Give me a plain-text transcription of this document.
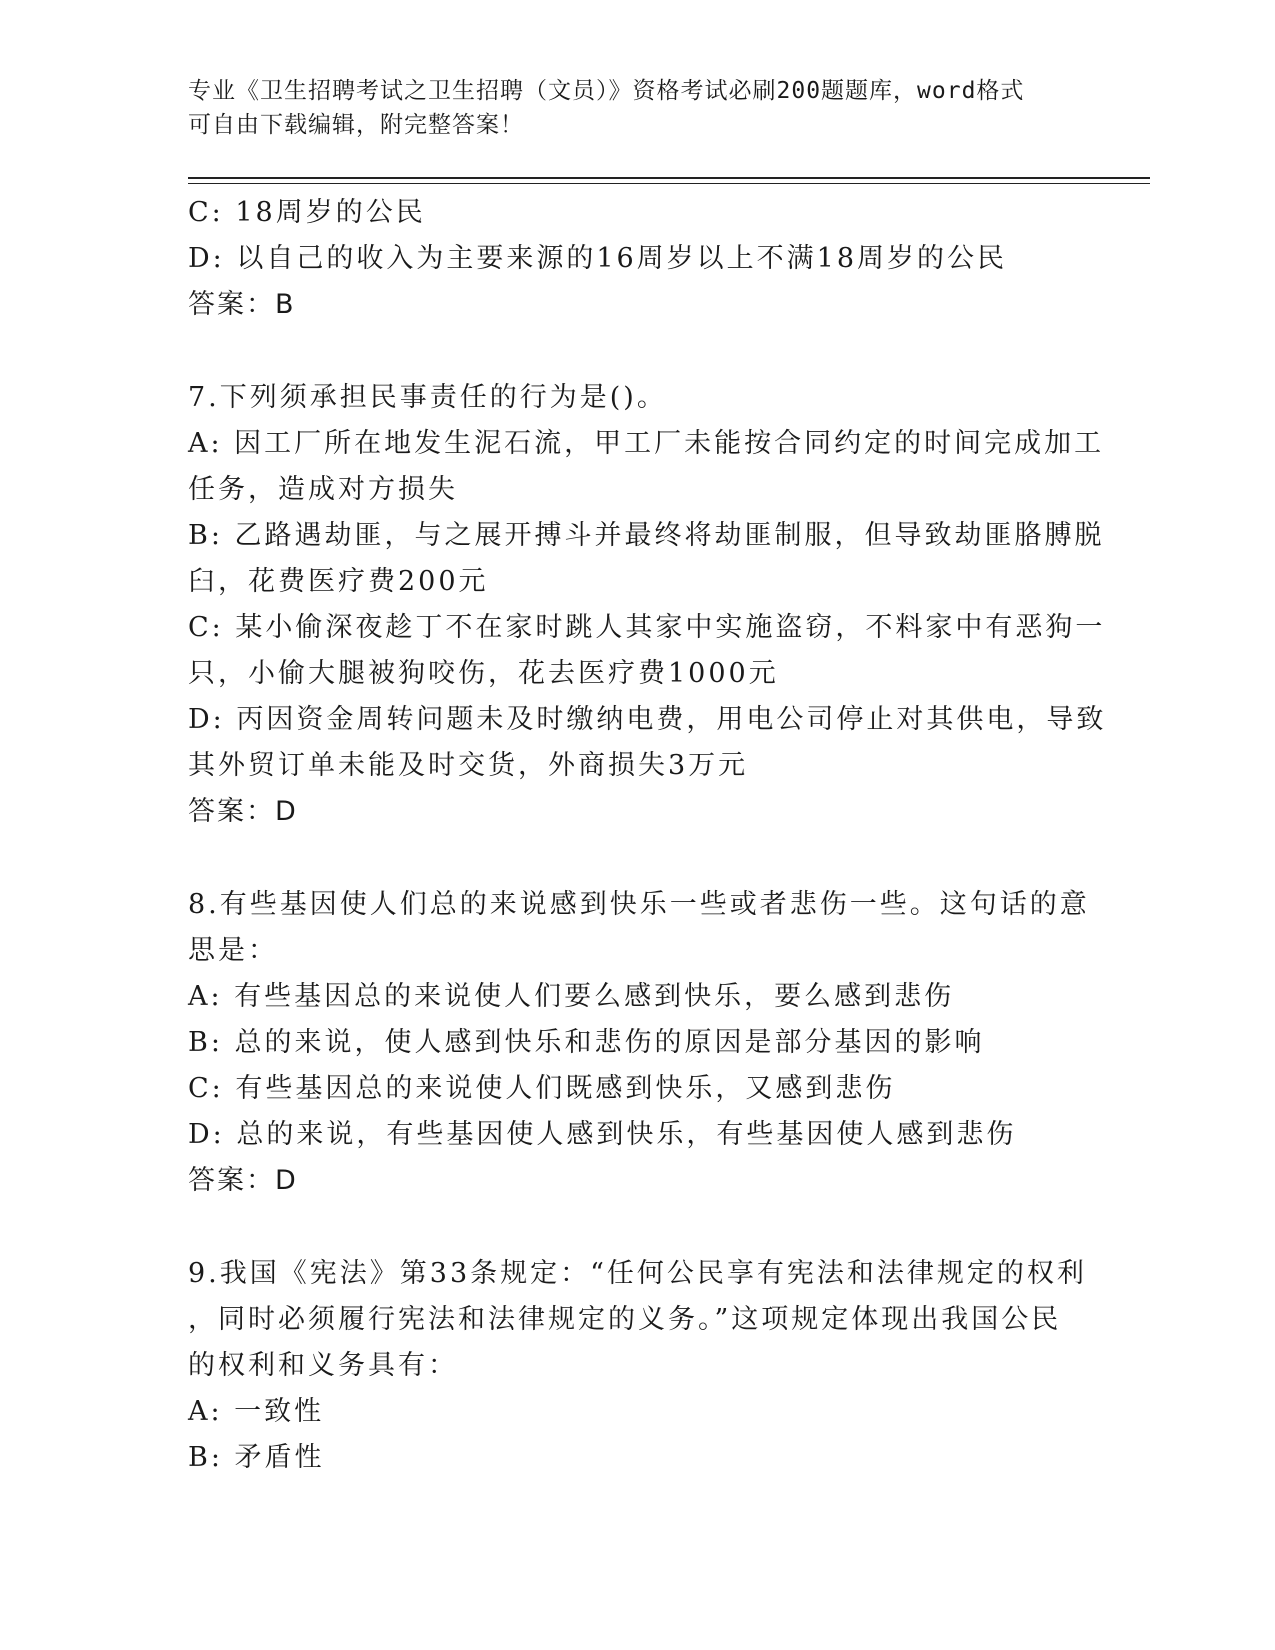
专业《卫生招聘考试之卫生招聘（文员）》资格考试必刷200题题库，word格式
可自由下载编辑，附完整答案！
C: 18周岁的公民
D: 以自己的收入为主要来源的16周岁以上不满18周岁的公民
答案：B
7.下列须承担民事责任的行为是()。
A: 因工厂所在地发生泥石流，甲工厂未能按合同约定的时间完成加工
任务，造成对方损失
B: 乙路遇劫匪，与之展开搏斗并最终将劫匪制服，但导致劫匪胳膊脱
臼，花费医疗费200元
C: 某小偷深夜趁丁不在家时跳人其家中实施盗窃，不料家中有恶狗一
只，小偷大腿被狗咬伤，花去医疗费1000元
D: 丙因资金周转问题未及时缴纳电费，用电公司停止对其供电，导致
其外贸订单未能及时交货，外商损失3万元
答案：D
8.有些基因使人们总的来说感到快乐一些或者悲伤一些。这句话的意
思是：
A: 有些基因总的来说使人们要么感到快乐，要么感到悲伤
B: 总的来说，使人感到快乐和悲伤的原因是部分基因的影响
C: 有些基因总的来说使人们既感到快乐，又感到悲伤
D: 总的来说，有些基因使人感到快乐，有些基因使人感到悲伤
答案：D
9.我国《宪法》第33条规定：“任何公民享有宪法和法律规定的权利
，同时必须履行宪法和法律规定的义务。”这项规定体现出我国公民
的权利和义务具有：
A: 一致性
B: 矛盾性
